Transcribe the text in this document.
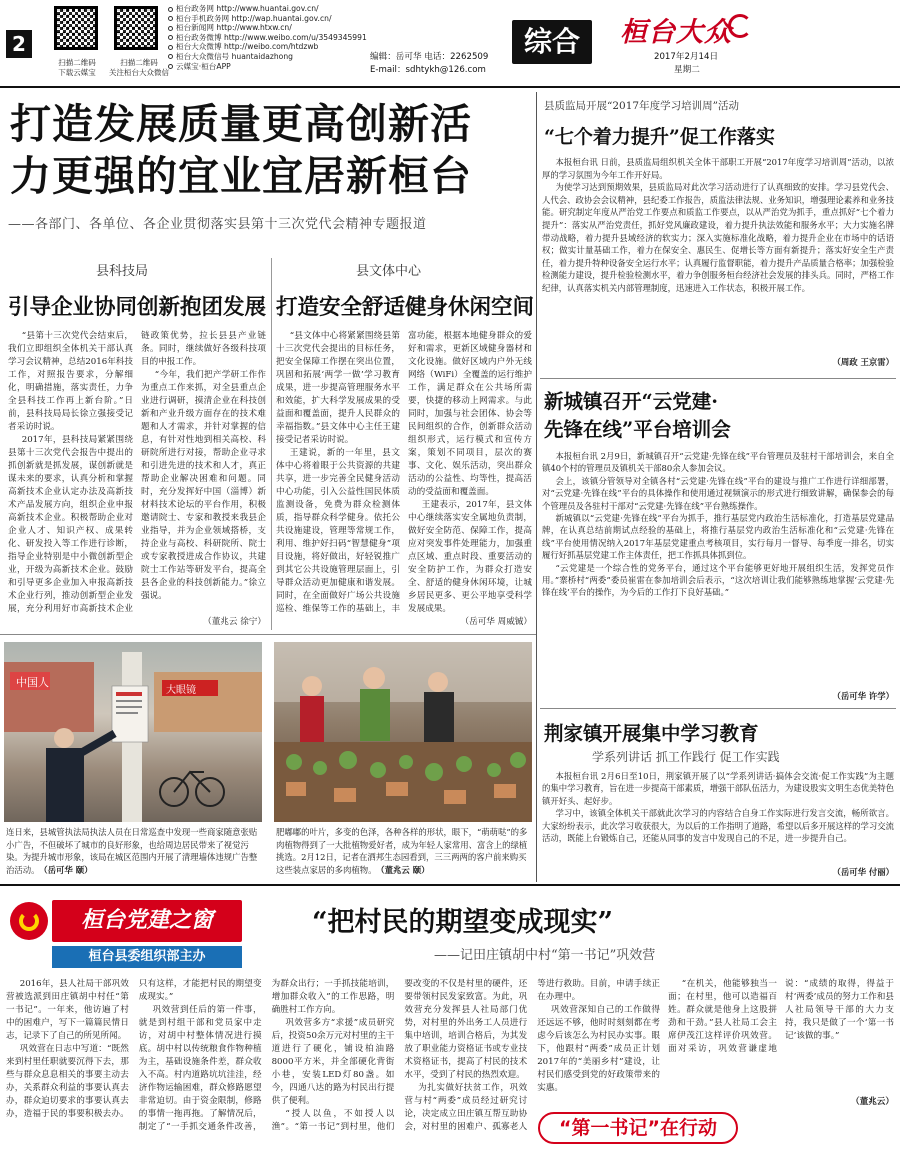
2
扫描二维码
下载云媒宝
扫描二维码
关注桓台大众微信
桓台政务网 http://www.huantai.gov.cn/
桓台手机政务网 http://wap.huantai.gov.cn/
桓台新闻网 http://www.htxw.cn/
桓台政务微博 http://www.weibo.com/u/3549345991
桓台大众微博 http://weibo.com/htdzwb
桓台大众微信号 huantaidazhong
云媒宝·桓台APP
编辑：岳可华 电话：2262509
E-mail：sdhtykh@126.com
综合	桓台大众
2017年2月14日
星期二
打造发展质量更高创新活
力更强的宜业宜居新桓台
——各部门、各单位、各企业贯彻落实县第十三次党代会精神专题报道
县科技局
引导企业协同创新抱团发展

“县第十三次党代会结束后，我们立即组织全体机关干部认真学习会议精神，总结2016年科技工作，对照报告要求，分解细化，明确措施，落实责任，力争全县科技工作再上新台阶。”日前，县科技局局长徐立强接受记者采访时说。

2017年，县科技局紧紧围绕县第十三次党代会报告中提出的抓创新就是抓发展，谋创新就是谋未来的要求，认真分析和掌握高新技术企业认定办法及高新技术产品发展方向，组织企业申报高新技术企业。积极帮助企业对企业人才、知识产权、成果转化、研发投入等工作进行诊断，指导企业特别是中小微创新型企业，开级为高新技术企业。鼓励和引导更多企业加入申报高新技术企业行列，推动创新型企业发展，充分利用好市高新技术企业链政策优势，拉长县县产业链条。同时，继续做好各级科技项目的申报工作。

“今年，我们把产学研工作作为重点工作来抓，对全县重点企业进行调研，摸清企业在科技创新和产业升级方面存在的技术难题和人才需求，并针对掌握的信息，有针对性地到相关高校、科研院所进行对接，帮助企业寻求和引进先进的技术和人才，真正帮助企业解决困难和问题。同时，充分发挥好中国（淄博）新材料技术论坛的平台作用，积极邀请院士、专家和教授来我县企业指导，并为企业领域搭桥，支持企业与高校、科研院所、院士或专家教授进成合作协议，共建院士工作站等研发平台，提高全县各企业的科技创新能力。”徐立强说。

（董兆云 徐宁）
县文体中心
打造安全舒适健身休闲空间

“县文体中心将紧紧围绕县第十三次党代会提出的目标任务，把安全保障工作摆在突出位置，巩固和拓展‘两学一做’学习教育成果，进一步提高管理服务水平和效能，扩大科学发展成果的受益面和覆盖面，提升人民群众的幸福指数。”县文体中心主任王建接受记者采访时说。

王建说，新的一年里，县文体中心将着眼于公共资源的共建共享，进一步完善全民健身活动中心功能，引入公益性国民体质监测设备，免费为群众检测体质，指导群众科学健身。依托公共设施建设，管理等常规工作，利用、维护好扫码“智慧健身”项目设施，将好做出，好轻锐推广到其它公共设施管理层面上，引导群众活动更加健康和谐发展。同时，在全面做好广场公共设施巡检、维保等工作的基础上，丰富功能，根据本地健身群众的爱好和需求，更新区域健身器材和文化设施。做好区域内户外无线网络（WiFi）全覆盖的运行维护工作，满足群众在公共场所需要，快捷的移动上网需求。与此同时，加强与社会团体、协会等民间组织的合作，创新群众活动组织形式，运行模式和宣传方案，策划不同项目，层次的赛事、文化、娱乐活动，突出群众活动的公益性、均等性，提高活动的受益面和覆盖面。

王建表示，2017年，县文体中心继续落实安全属地负责制，做好安全防范、保障工作，提高应对突发事件处理能力，加强重点区域、重点时段、重要活动的安全防护工作，为群众打造安全、舒适的健身休闲环境，让城乡居民更多、更公平地享受科学发展成果。

（岳可华 周威铖）
县质监局开展“2017年度学习培训周”活动
“七个着力提升”促工作落实

本报桓台讯 日前，县质监局组织机关全体干部职工开展“2017年度学习培训周”活动，以浓厚的学习氛围为今年工作开好局。

为使学习达到预期效果，县质监局对此次学习活动进行了认真细致的安排。学习县党代会、人代会、政协会会议精神，县纪委工作报告，质监法律法规、业务知识，增强理论素养和业务技能。研究制定年度从严治党工作要点和质监工作要点，以从严治党为抓手，重点抓好“七个着力提升”：落实从严治党责任，抓好党风廉政建设，着力提升执法效能和服务水平；大力实施名牌带动战略，着力提升县域经济的软实力；深入实施标准化战略，着力提升企业在市场中的话语权；做实计量基础工作，着力在保安全、惠民生、促增长等方面有新提升；落实好安全生产责任，着力提升特种设备安全运行水平；认真履行监督职能，着力提升产品质量合格率；加强检验检测能力建设，提升检验检测水平，着力争创服务桓台经济社会发展的排头兵。同时，严格工作纪律，认真落实机关内部管理制度，迅速进入工作状态，积极开展工作。

（周政 王京雷）
新城镇召开“云党建·
先锋在线”平台培训会

本报桓台讯 2月9日，新城镇召开“云党建·先锋在线”平台管理员及驻村干部培训会，来自全镇40个村的管理员及镇机关干部80余人参加会议。

会上，该镇分管领导对全镇各村“云党建·先锋在线”平台的建设与推广工作进行详细部署，对“云党建·先锋在线”平台的具体操作和使用通过视频演示的形式进行细致讲解，确保参会的每个管理员及各驻村干部对“云党建·先锋在线”平台熟练操作。

新城镇以“云党建·先锋在线”平台为抓手，推行基层党内政治生活标准化，打造基层党建品牌，在认真总结前期试点经验的基础上，将推行基层党内政治生活标准化和“云党建·先锋在线”平台使用情况纳入2017年基层党建重点考核项目，实行每月一督导、每季度一排名，切实履行好抓基层党建工作主体责任，把工作抓具体抓到位。

“云党建是一个综合性的党务平台，通过这个平台能够更好地开展组织生活，发挥党员作用。”寨桥村“两委”委员崔雷在参加培训会后表示，“这次培训让我们能够熟练地掌握‘云党建·先锋在线’平台的操作，为今后的工作打下良好基础。”

（岳可华 许学）
荆家镇开展集中学习教育
学系列讲话 抓工作践行 促工作实践

本报桓台讯 2月6日至10日，荆家镇开展了以“学系列讲话·搞体会交流·促工作实践”为主题的集中学习教育，旨在进一步提高干部素质，增强干部队伍活力，为建设股实文明生态优美特色镇开好头、起好步。

学习中，该镇全体机关干部就此次学习的内容结合自身工作实际进行发言交流，畅所欲言。大家纷纷表示，此次学习收获很大，为以后的工作指明了道路，希望以后多开展这样的学习交流活动，既能上台锻炼自己，还能从同事的发言中发现自己的不足，进一步提升自己。

（岳可华 付丽）
中国人
大眼镜
连日来，县城管执法局执法人员在日常巡查中发现一些商家随意张贴小广告，不但破坏了城市的良好形象，也给周边居民带来了视觉污染。为提升城市形象，该局在城区范围内开展了清理墙体违规广告整治活动。 （岳可华 颐）
肥嘟嘟的叶片，多变的色泽，各种各样的形状，眼下，“萌萌哒”的多肉植物得到了一大批植物爱好者，成为年轻人家常用、富含上的绿植挑选。2月12日，记者在洒邦生态园看到，三三两两的客户前来购买这些装点家居的多肉植物。 （董兆云 颐）
桓台党建之窗
桓台县委组织部主办
“把村民的期望变成现实”
——记田庄镇胡中村“第一书记”巩效营

2016年，县人社局干部巩效营被选派到田庄镇胡中村任“第一书记”。一年来，他访遍了村中的困难户，写下一篇篇民情日志，记录下了自己的所见所闻。

巩效营在日志中写道：“既然来到村里任职就要沉得下去，那些与群众息息相关的事要主动去办，关系群众利益的事要认真去办，群众迫切要求的事要认真去办，造福于民的事要积极去办。只有这样，才能把村民的期望变成现实。”

巩效营到任后的第一件事，就是到村组干部和党员家中走访，对胡中村整体情况进行摸底。胡中村以传统粮食作物种植为主，基础设施条件差，群众收入不高。村内道路坑坑洼洼，经济作物运输困难，群众修路愿望非常迫切。由于资金限制，修路的事情一拖再拖。了解情况后，制定了“一手抓交通条件改善，为群众出行；一手抓技能培训，增加群众收入”的工作思路，明确胜村工作方向。

巩效营多方“求援”成员研究后，投资50余万元对村里的主干道进行了硬化，铺设柏油路8000平方米，并全部硬化背街小巷，安装LED灯80盏。如今，四通八达的路为村民出行提供了便利。

“授人以鱼，不如授人以渔”。“第一书记”到村里，他们要改变的不仅是村里的硬件，还要带领村民发家致富。为此，巩效营充分发挥县人社局部门优势，对村里的外出务工人员进行集中培训，培训合格后，为其发放了职业能力资格证书或专业技术资格证书，提高了村民的技术水平，受到了村民的热烈欢迎。

为扎实做好扶贫工作，巩效营与村“两委”成员经过研究讨论，决定成立田庄镇互帮互助协会，对村里的困难户、孤寡老人等进行救助。目前，申请手续正在办理中。

巩效营深知自己的工作做得还远远不够，他时时刻刻都在考虑今后该怎么为村民办实事。眼下，他跟村“两委”成员正计划2017年的“美丽乡村”建设，让村民们感受到党的好政策带来的实惠。

“在机关，他能够独当一面；在村里，他可以造福百姓。群众就是他身上这股拼劲和干劲。”县人社局工会主席伊茂江这样评价巩效营。面对采访，巩效营谦虚地说：“成绩的取得，得益于村‘两委’成员的努力工作和县人社局领导干部的大力支持，我只是做了一个‘第一书记’该做的事。”

（董兆云）
“第一书记”在行动
